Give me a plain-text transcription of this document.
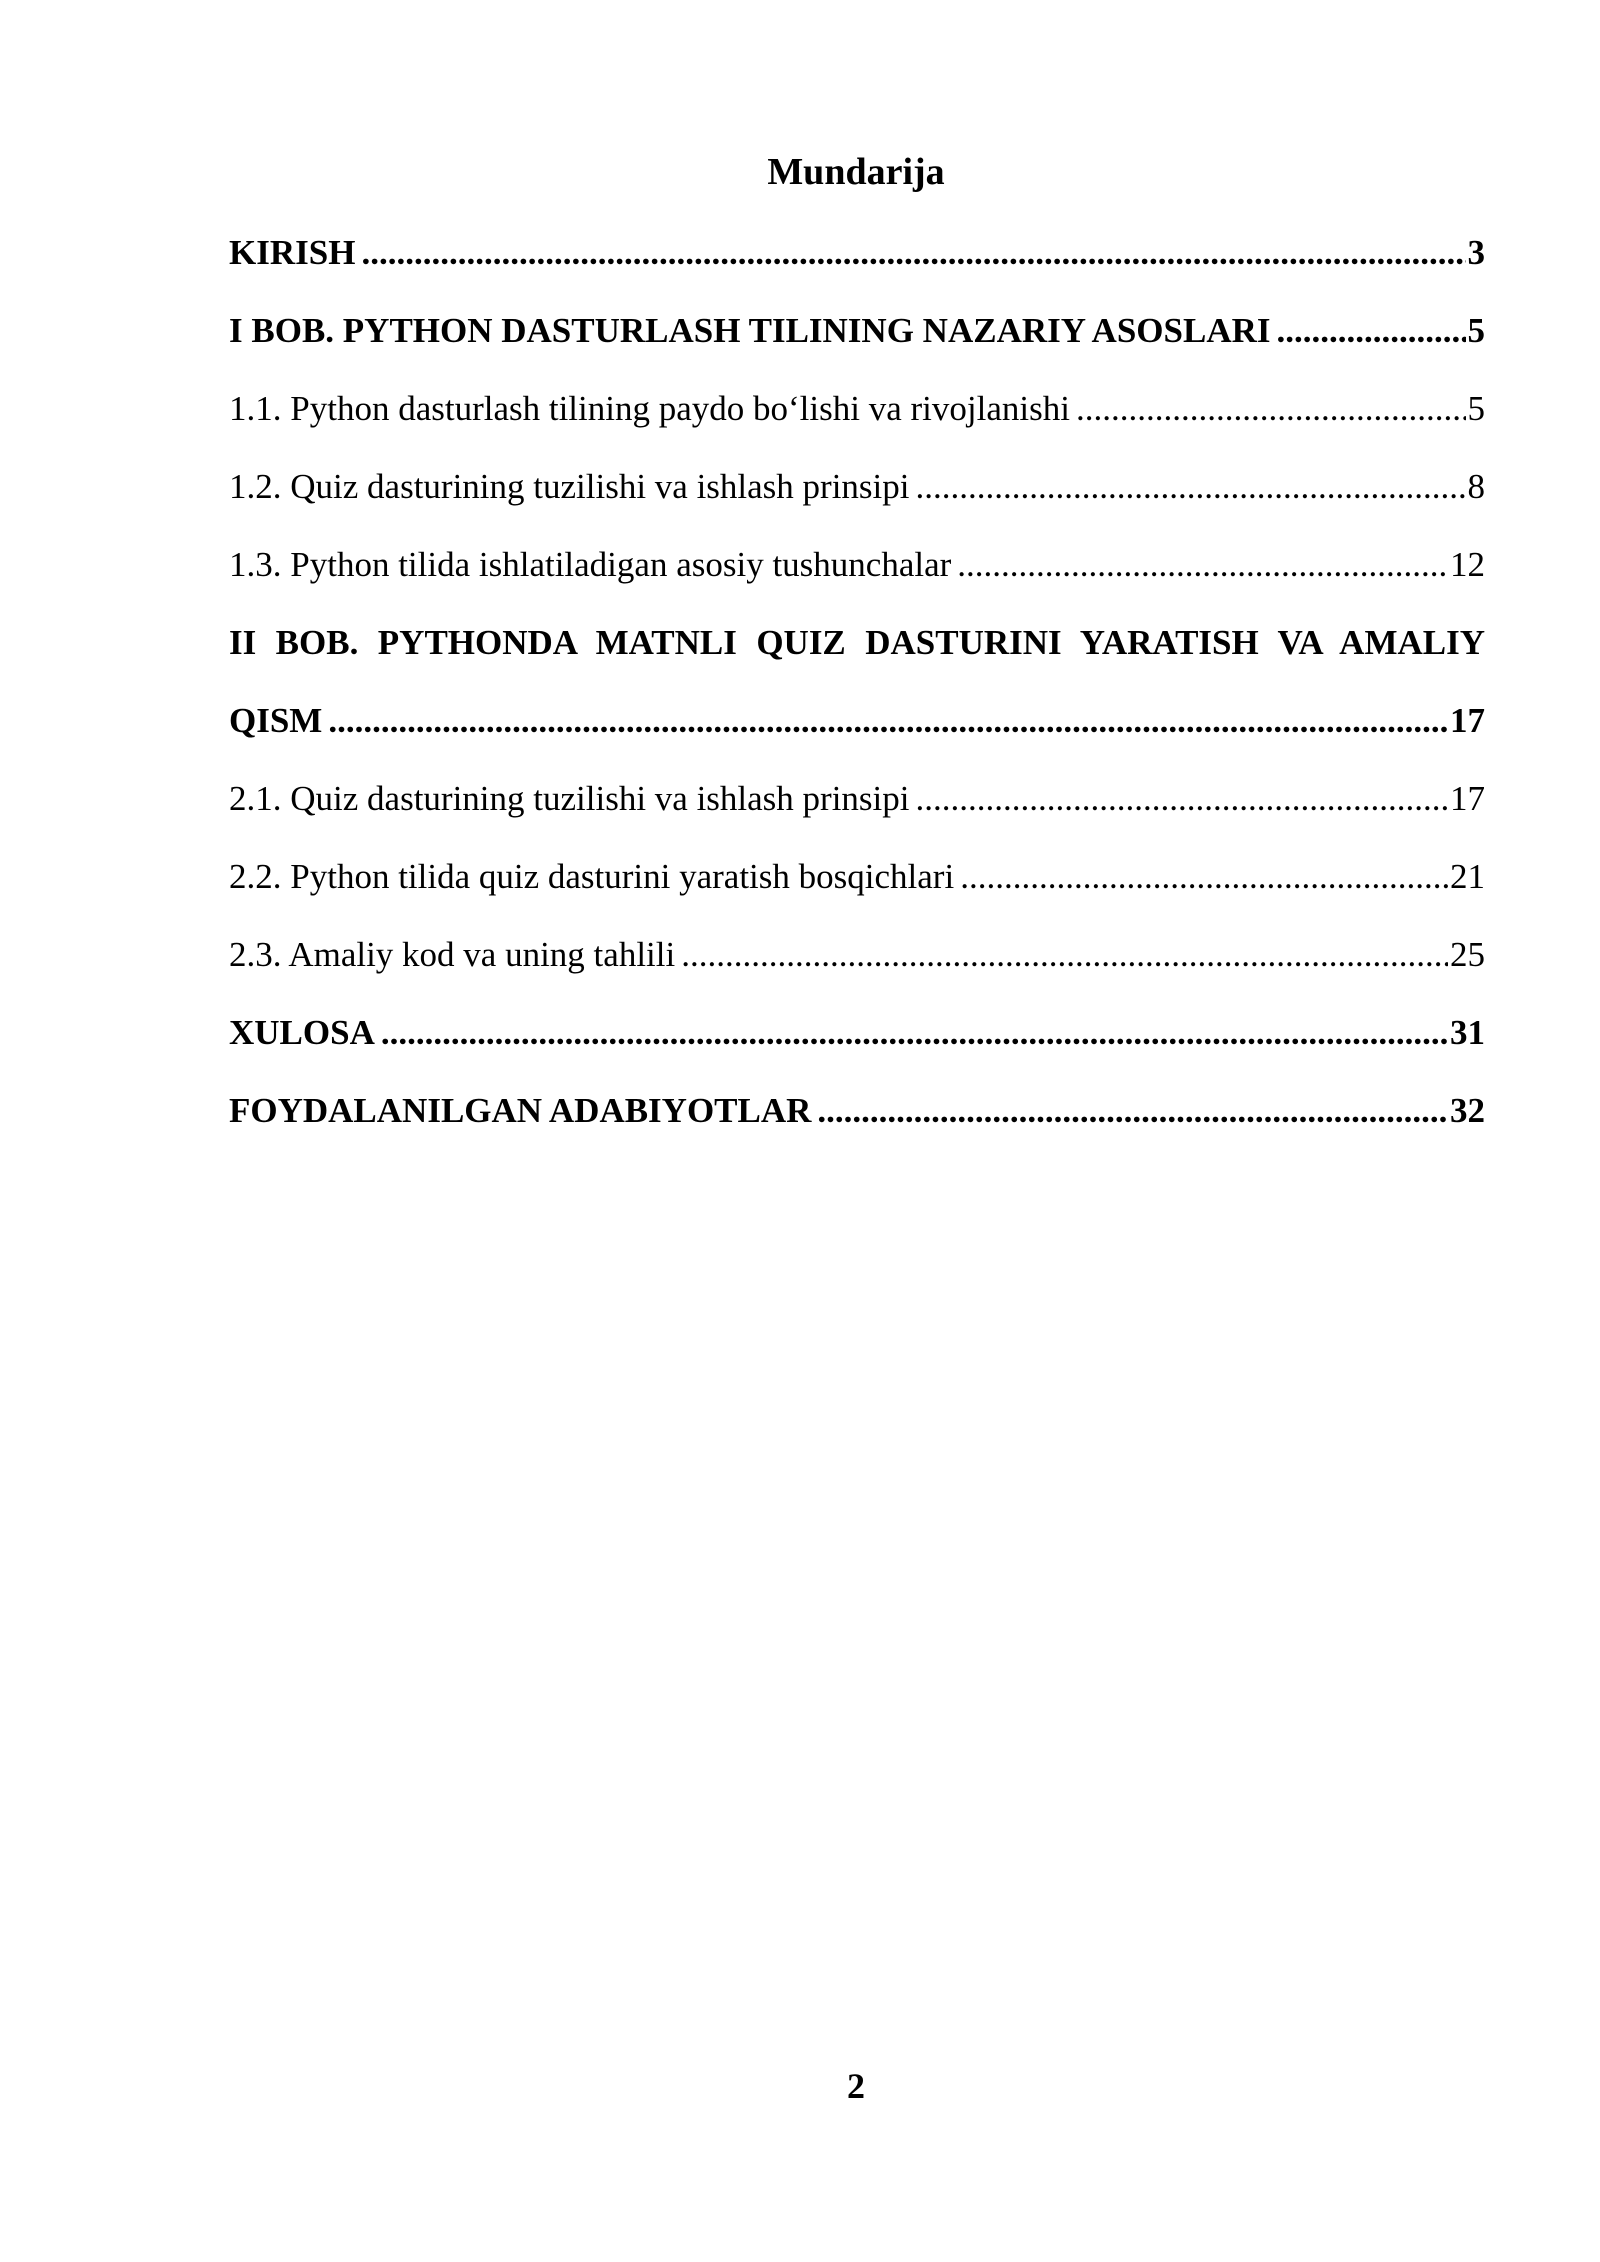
Mundarija
KIRISH .....	3
I BOB. PYTHON DASTURLASH TILINING NAZARIY ASOSLARI .....	5
1.1. Python dasturlash tilining paydo bo‘lishi va rivojlanishi .....	5
1.2. Quiz dasturining tuzilishi va ishlash prinsipi .....	8
1.3. Python tilida ishlatiladigan asosiy tushunchalar .....	12
II BOB. PYTHONDA MATNLI QUIZ DASTURINI YARATISH VA AMALIY
QISM .....	17
2.1. Quiz dasturining tuzilishi va ishlash prinsipi .....	17
2.2. Python tilida quiz dasturini yaratish bosqichlari .....	21
2.3. Amaliy kod va uning tahlili .....	25
XULOSA .....	31
FOYDALANILGAN ADABIYOTLAR .....	32
2
